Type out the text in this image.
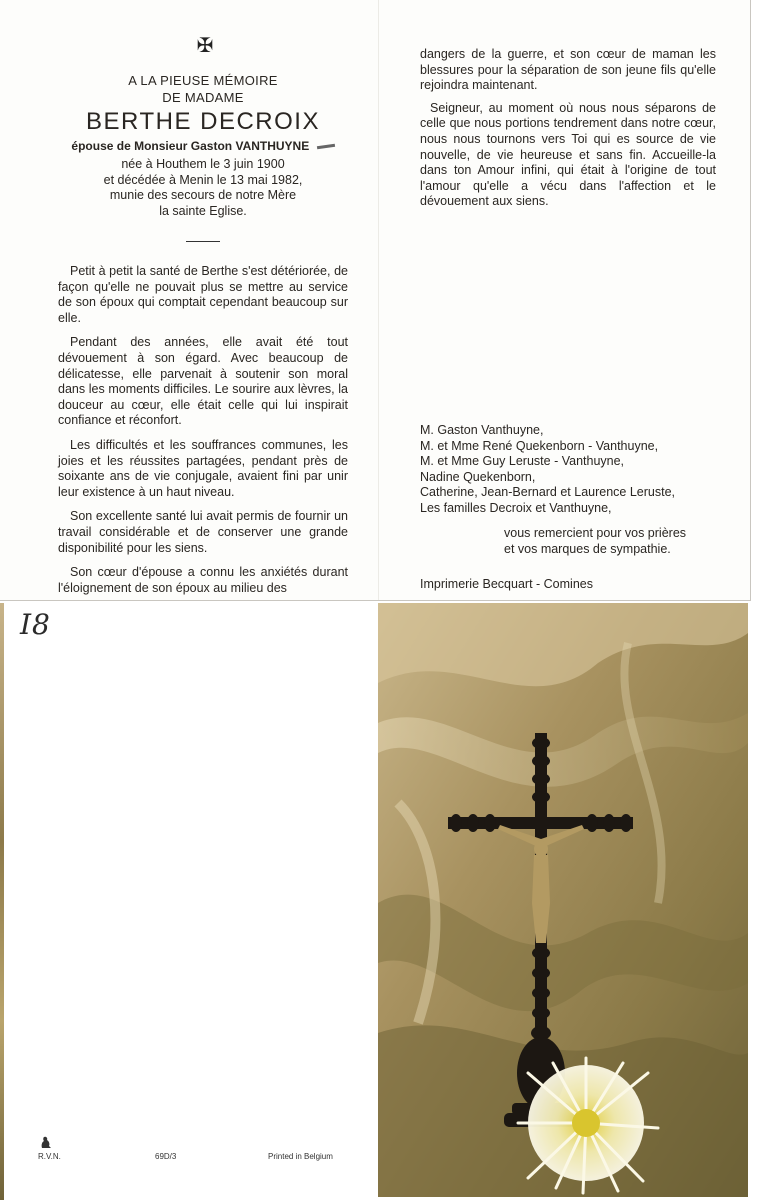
✠
A LA PIEUSE MÉMOIRE
DE MADAME
BERTHE DECROIX
épouse de Monsieur Gaston VANTHUYNE
née à Houthem le 3 juin 1900
et décédée à Menin le 13 mai 1982,
munie des secours de notre Mère
la sainte Eglise.

Petit à petit la santé de Berthe s'est détériorée, de façon qu'elle ne pouvait plus se mettre au service de son époux qui comptait cependant beaucoup sur elle.

Pendant des années, elle avait été tout dévouement à son égard. Avec beaucoup de délicatesse, elle parvenait à soutenir son moral dans les moments difficiles. Le sourire aux lèvres, la douceur au cœur, elle était celle qui lui inspirait confiance et réconfort.

Les difficultés et les souffrances communes, les joies et les réussites partagées, pendant près de soixante ans de vie conjugale, avaient fini par unir leur existence à un haut niveau.

Son excellente santé lui avait permis de fournir un travail considérable et de conserver une grande disponibilité pour les siens.

Son cœur d'épouse a connu les anxiétés durant l'éloignement de son époux au milieu des

dangers de la guerre, et son cœur de maman les blessures pour la séparation de son jeune fils qu'elle rejoindra maintenant.

Seigneur, au moment où nous nous séparons de celle que nous portions tendrement dans notre cœur, nous nous tournons vers Toi qui es source de vie nouvelle, de vie heureuse et sans fin. Accueille-la dans ton Amour infini, qui était à l'origine de tout l'amour qu'elle a vécu dans l'affection et le dévouement aux siens.

M. Gaston Vanthuyne,
M. et Mme René Quekenborn - Vanthuyne,
M. et Mme Guy Leruste - Vanthuyne,
Nadine Quekenborn,
Catherine, Jean-Bernard et Laurence Leruste,
Les familles Decroix et Vanthuyne,
vous remercient pour vos prières
et vos marques de sympathie.
Imprimerie Becquart - Comines
I8
R.V.N.	69D/3	Printed in Belgium
